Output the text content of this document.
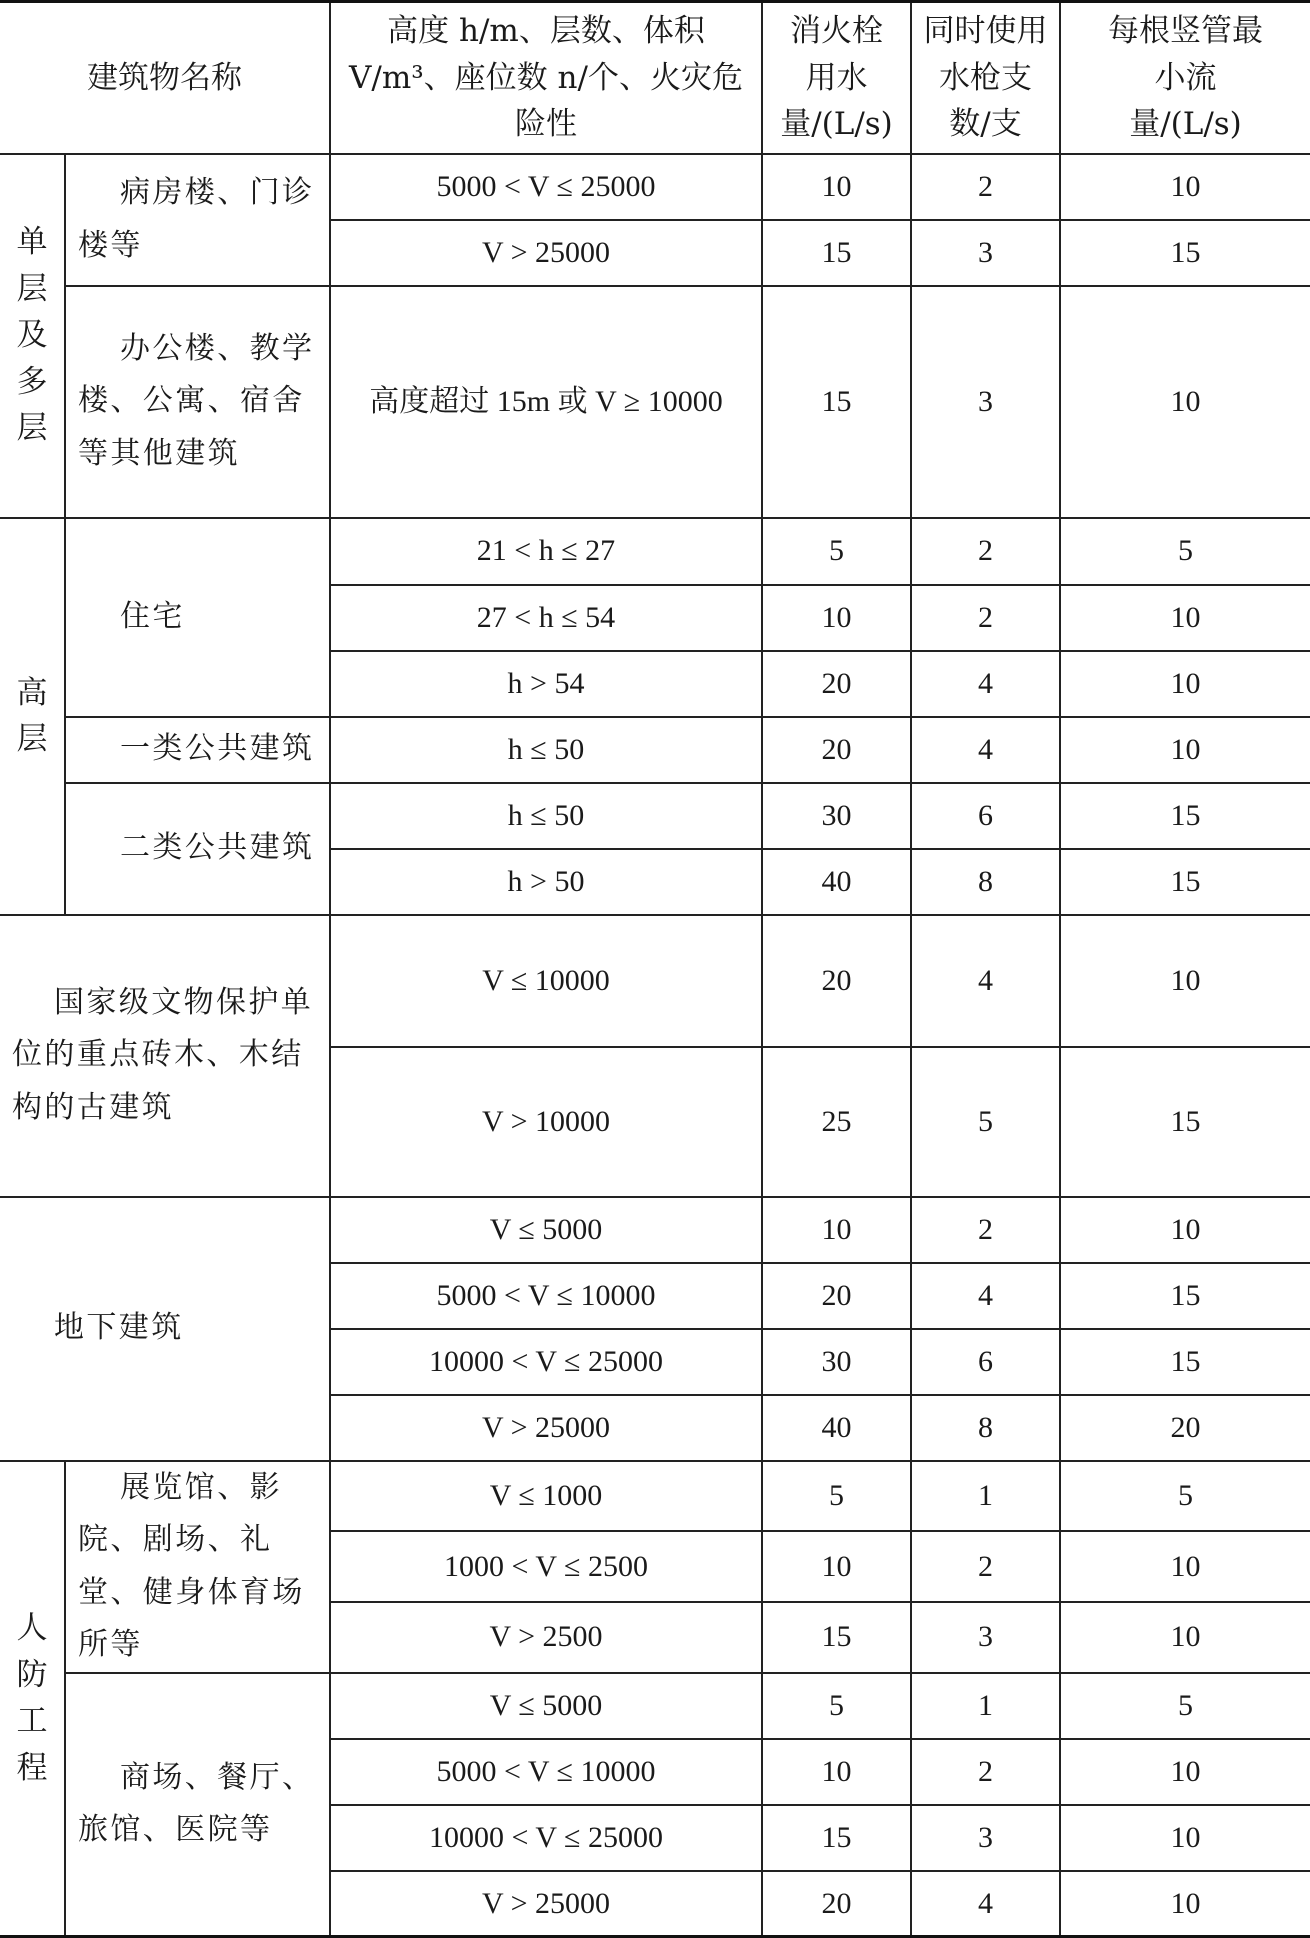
建筑物名称		高度 h/m、层数、体积 V/m³、座位数 n/个、火灾危险性	消火栓用水量/(L/s)	同时使用水枪支数/支	每根竖管最小流量/(L/s)

单层及多层	病房楼、门诊楼等	5000 < V ≤ 25000	10	2	10
		V > 25000	15	3	15
	办公楼、教学楼、公寓、宿舍等其他建筑	高度超过 15m 或 V ≥ 10000	15	3	10

高层	住宅	21 < h ≤ 27	5	2	5
		27 < h ≤ 54	10	2	10
		h > 54	20	4	10
	一类公共建筑	h ≤ 50	20	4	10
	二类公共建筑	h ≤ 50	30	6	15
		h > 50	40	8	15
国家级文物保护单位的重点砖木、木结构的古建筑		V ≤ 10000	20	4	10
		V > 10000	25	5	15
地下建筑		V ≤ 5000	10	2	10
		5000 < V ≤ 10000	20	4	15
		10000 < V ≤ 25000	30	6	15
		V > 25000	40	8	20

人防工程	展览馆、影院、剧场、礼堂、健身体育场所等	V ≤ 1000	5	1	5
		1000 < V ≤ 2500	10	2	10
		V > 2500	15	3	10
	商场、餐厅、旅馆、医院等	V ≤ 5000	5	1	5
		5000 < V ≤ 10000	10	2	10
		10000 < V ≤ 25000	15	3	10
		V > 25000	20	4	10
